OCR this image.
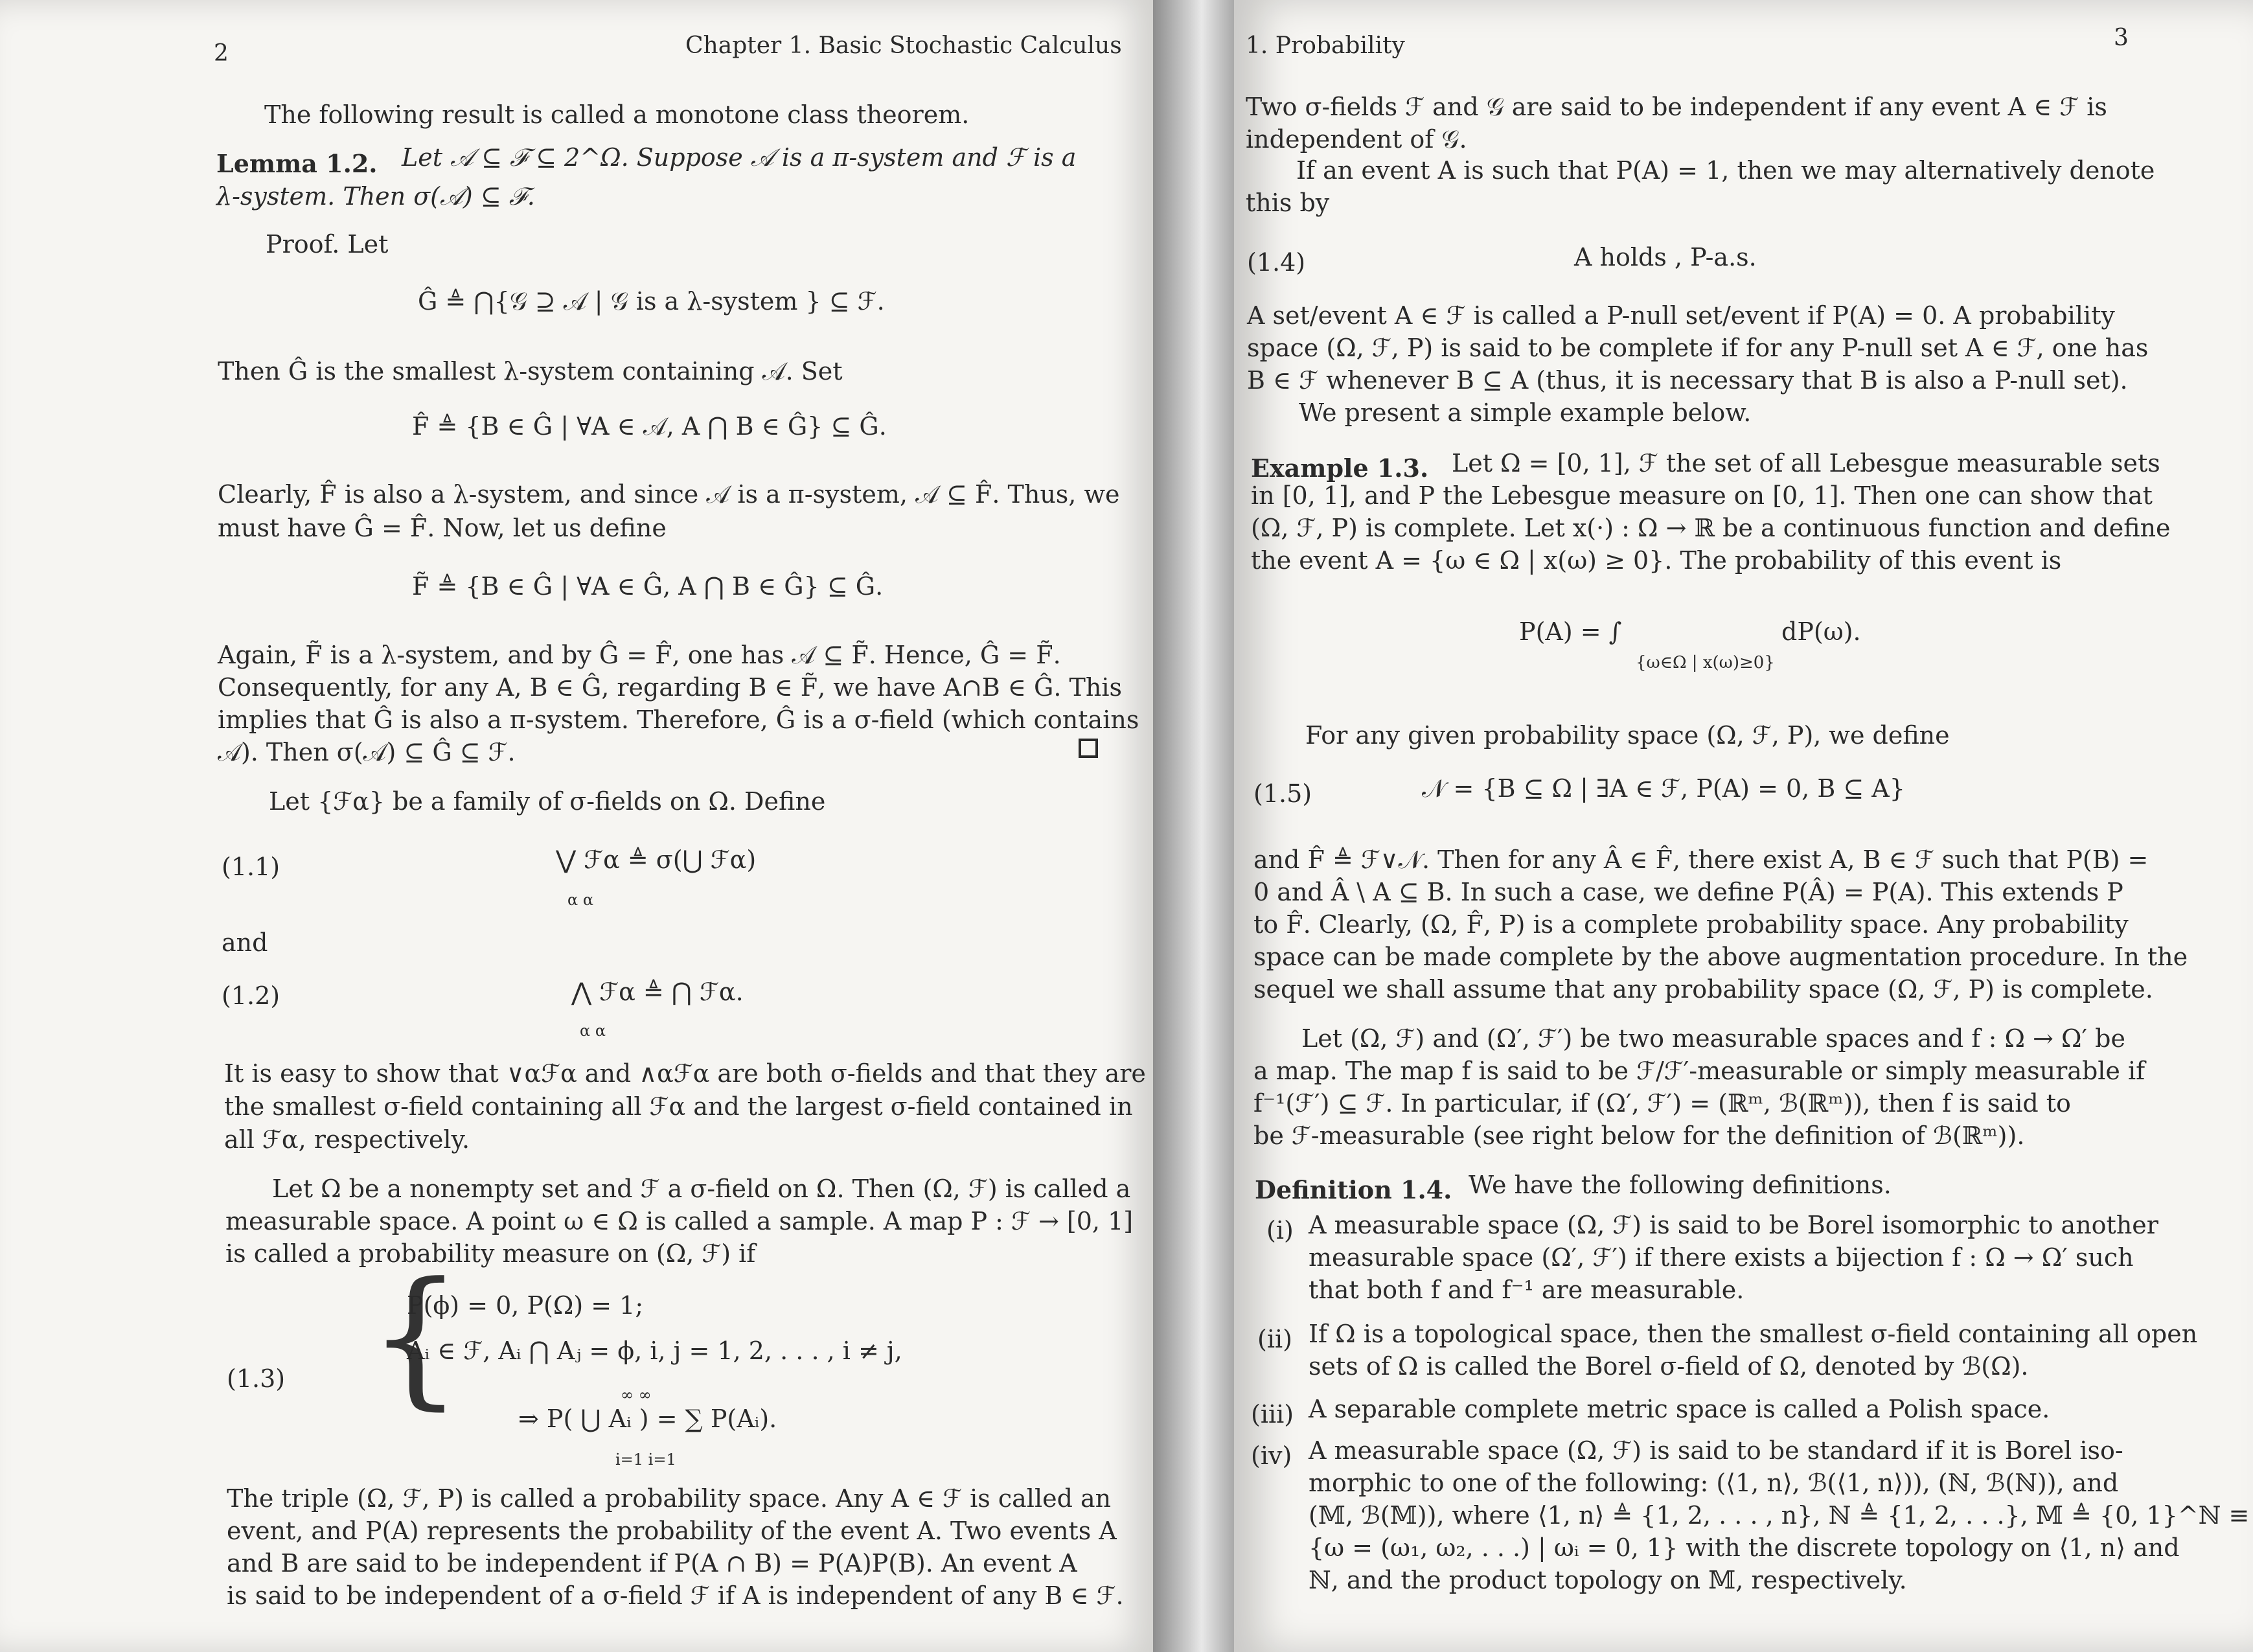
2	Chapter 1. Basic Stochastic Calculus
The following result is called a monotone class theorem.
Lemma 1.2. Let 𝒜 ⊆ ℱ ⊆ 2^Ω. Suppose 𝒜 is a π-system and ℱ is a
λ-system. Then σ(𝒜) ⊆ ℱ.
Proof. Let
Ĝ ≜ ⋂{𝒢 ⊇ 𝒜 | 𝒢 is a λ-system } ⊆ ℱ.
Then Ĝ is the smallest λ-system containing 𝒜. Set
F̂ ≜ {B ∈ Ĝ | ∀A ∈ 𝒜, A ⋂ B ∈ Ĝ} ⊆ Ĝ.
Clearly, F̂ is also a λ-system, and since 𝒜 is a π-system, 𝒜 ⊆ F̂. Thus, we
must have Ĝ = F̂. Now, let us define
F̃ ≜ {B ∈ Ĝ | ∀A ∈ Ĝ, A ⋂ B ∈ Ĝ} ⊆ Ĝ.
Again, F̃ is a λ-system, and by Ĝ = F̂, one has 𝒜 ⊆ F̃. Hence, Ĝ = F̃.
Consequently, for any A, B ∈ Ĝ, regarding B ∈ F̃, we have A∩B ∈ Ĝ. This
implies that Ĝ is also a π-system. Therefore, Ĝ is a σ-field (which contains
𝒜). Then σ(𝒜) ⊆ Ĝ ⊆ ℱ.
Let {ℱα} be a family of σ-fields on Ω. Define
(1.1)	⋁ ℱα ≜ σ(⋃ ℱα)
α α
and
(1.2)	⋀ ℱα ≜ ⋂ ℱα.
α α
It is easy to show that ∨αℱα and ∧αℱα are both σ-fields and that they are
the smallest σ-field containing all ℱα and the largest σ-field contained in
all ℱα, respectively.
Let Ω be a nonempty set and ℱ a σ-field on Ω. Then (Ω, ℱ) is called a
measurable space. A point ω ∈ Ω is called a sample. A map P : ℱ → [0, 1]
is called a probability measure on (Ω, ℱ) if
{
P(ϕ) = 0, P(Ω) = 1;
Aᵢ ∈ ℱ, Aᵢ ⋂ Aⱼ = ϕ, i, j = 1, 2, . . . , i ≠ j,
(1.3)
∞ ∞
⇒ P( ⋃ Aᵢ ) = ∑ P(Aᵢ).
i=1 i=1
The triple (Ω, ℱ, P) is called a probability space. Any A ∈ ℱ is called an
event, and P(A) represents the probability of the event A. Two events A
and B are said to be independent if P(A ∩ B) = P(A)P(B). An event A
is said to be independent of a σ-field ℱ if A is independent of any B ∈ ℱ.
1. Probability	3
Two σ-fields ℱ and 𝒢 are said to be independent if any event A ∈ ℱ is
independent of 𝒢.
If an event A is such that P(A) = 1, then we may alternatively denote
this by
(1.4)	A holds , P-a.s.
A set/event A ∈ ℱ is called a P-null set/event if P(A) = 0. A probability
space (Ω, ℱ, P) is said to be complete if for any P-null set A ∈ ℱ, one has
B ∈ ℱ whenever B ⊆ A (thus, it is necessary that B is also a P-null set).
We present a simple example below.
Example 1.3. Let Ω = [0, 1], ℱ the set of all Lebesgue measurable sets
in [0, 1], and P the Lebesgue measure on [0, 1]. Then one can show that
(Ω, ℱ, P) is complete. Let x(·) : Ω → ℝ be a continuous function and define
the event A = {ω ∈ Ω | x(ω) ≥ 0}. The probability of this event is
P(A) = ∫	dP(ω).
{ω∈Ω | x(ω)≥0}
For any given probability space (Ω, ℱ, P), we define
(1.5)	𝒩 = {B ⊆ Ω | ∃A ∈ ℱ, P(A) = 0, B ⊆ A}
and F̂ ≜ ℱ∨𝒩. Then for any Â ∈ F̂, there exist A, B ∈ ℱ such that P(B) =
0 and Â \ A ⊆ B. In such a case, we define P(Â) = P(A). This extends P
to F̂. Clearly, (Ω, F̂, P) is a complete probability space. Any probability
space can be made complete by the above augmentation procedure. In the
sequel we shall assume that any probability space (Ω, ℱ, P) is complete.
Let (Ω, ℱ) and (Ω′, ℱ′) be two measurable spaces and f : Ω → Ω′ be
a map. The map f is said to be ℱ/ℱ′-measurable or simply measurable if
f⁻¹(ℱ′) ⊆ ℱ. In particular, if (Ω′, ℱ′) = (ℝᵐ, ℬ(ℝᵐ)), then f is said to
be ℱ-measurable (see right below for the definition of ℬ(ℝᵐ)).
Definition 1.4. We have the following definitions.
(i) A measurable space (Ω, ℱ) is said to be Borel isomorphic to another
measurable space (Ω′, ℱ′) if there exists a bijection f : Ω → Ω′ such
that both f and f⁻¹ are measurable.
(ii) If Ω is a topological space, then the smallest σ-field containing all open
sets of Ω is called the Borel σ-field of Ω, denoted by ℬ(Ω).
(iii) A separable complete metric space is called a Polish space.
(iv) A measurable space (Ω, ℱ) is said to be standard if it is Borel iso-
morphic to one of the following: (⟨1, n⟩, ℬ(⟨1, n⟩)), (ℕ, ℬ(ℕ)), and
(𝕄, ℬ(𝕄)), where ⟨1, n⟩ ≜ {1, 2, . . . , n}, ℕ ≜ {1, 2, . . .}, 𝕄 ≜ {0, 1}^ℕ ≡
{ω = (ω₁, ω₂, . . .) | ωᵢ = 0, 1} with the discrete topology on ⟨1, n⟩ and
ℕ, and the product topology on 𝕄, respectively.
